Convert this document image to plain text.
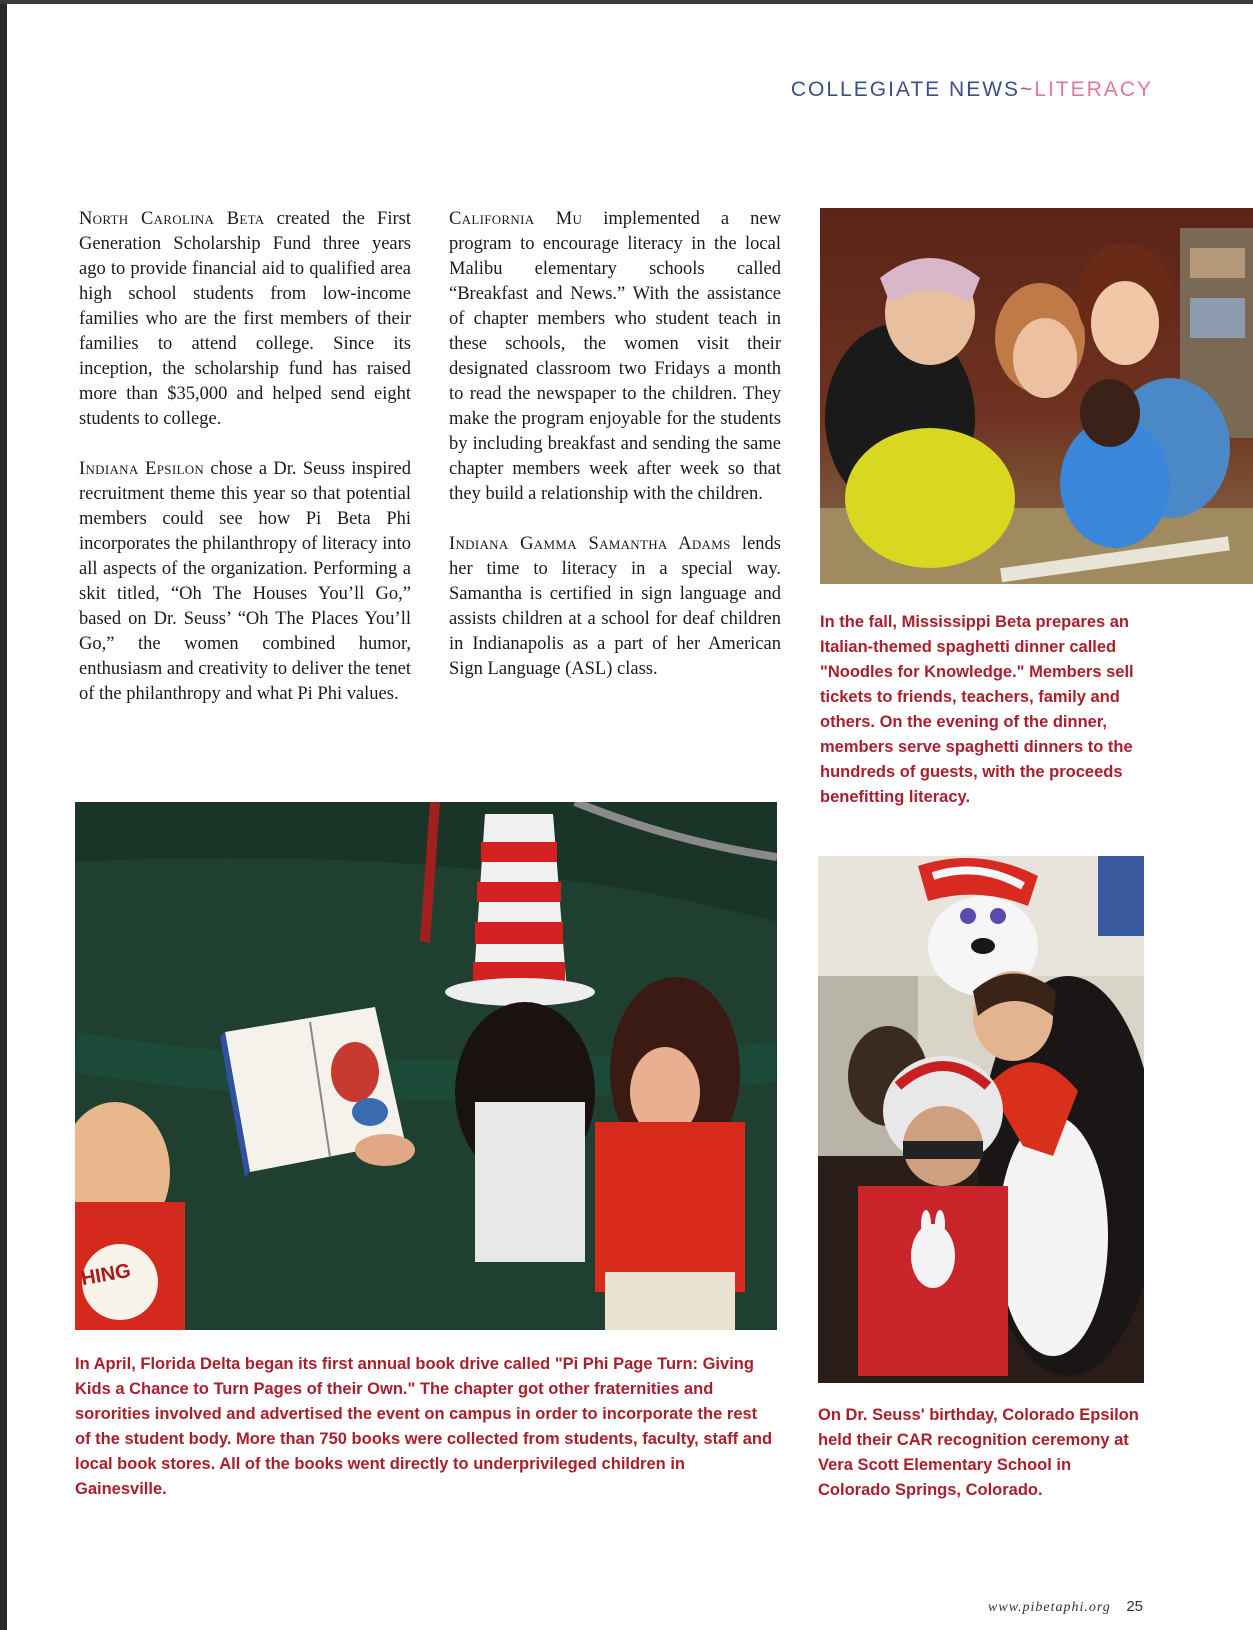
COLLEGIATE NEWS~LITERACY

North Carolina Beta created the First Generation Scholarship Fund three years ago to provide financial aid to qualified area high school students from low-income families who are the first members of their families to attend college. Since its inception, the scholarship fund has raised more than $35,000 and helped send eight students to college.

Indiana Epsilon chose a Dr. Seuss inspired recruitment theme this year so that potential members could see how Pi Beta Phi incorporates the philanthropy of literacy into all aspects of the organization. Performing a skit titled, “Oh The Houses You’ll Go,” based on Dr. Seuss’ “Oh The Places You’ll Go,” the women combined humor, enthusiasm and creativity to deliver the tenet of the philanthropy and what Pi Phi values.

California Mu implemented a new program to encourage literacy in the local Malibu elementary schools called “Breakfast and News.” With the assistance of chapter members who student teach in these schools, the women visit their designated classroom two Fridays a month to read the newspaper to the children. They make the program enjoyable for the students by including breakfast and sending the same chapter members week after week so that they build a relationship with the children.

Indiana Gamma Samantha Adams lends her time to literacy in a special way. Samantha is certified in sign language and assists children at a school for deaf children in Indianapolis as a part of her American Sign Language (ASL) class.

In the fall, Mississippi Beta prepares an Italian-themed spaghetti dinner called "Noodles for Knowledge." Members sell tickets to friends, teachers, family and others. On the evening of the dinner, members serve spaghetti dinners to the hundreds of guests, with the proceeds benefitting literacy.
HING
In April, Florida Delta began its first annual book drive called "Pi Phi Page Turn: Giving Kids a Chance to Turn Pages of their Own." The chapter got other fraternities and sororities involved and advertised the event on campus in order to incorporate the rest of the student body. More than 750 books were collected from students, faculty, staff and local book stores. All of the books went directly to underprivileged children in Gainesville.
On Dr. Seuss' birthday, Colorado Epsilon held their CAR recognition ceremony at Vera Scott Elementary School in Colorado Springs, Colorado.
www.pibetaphi.org 25
